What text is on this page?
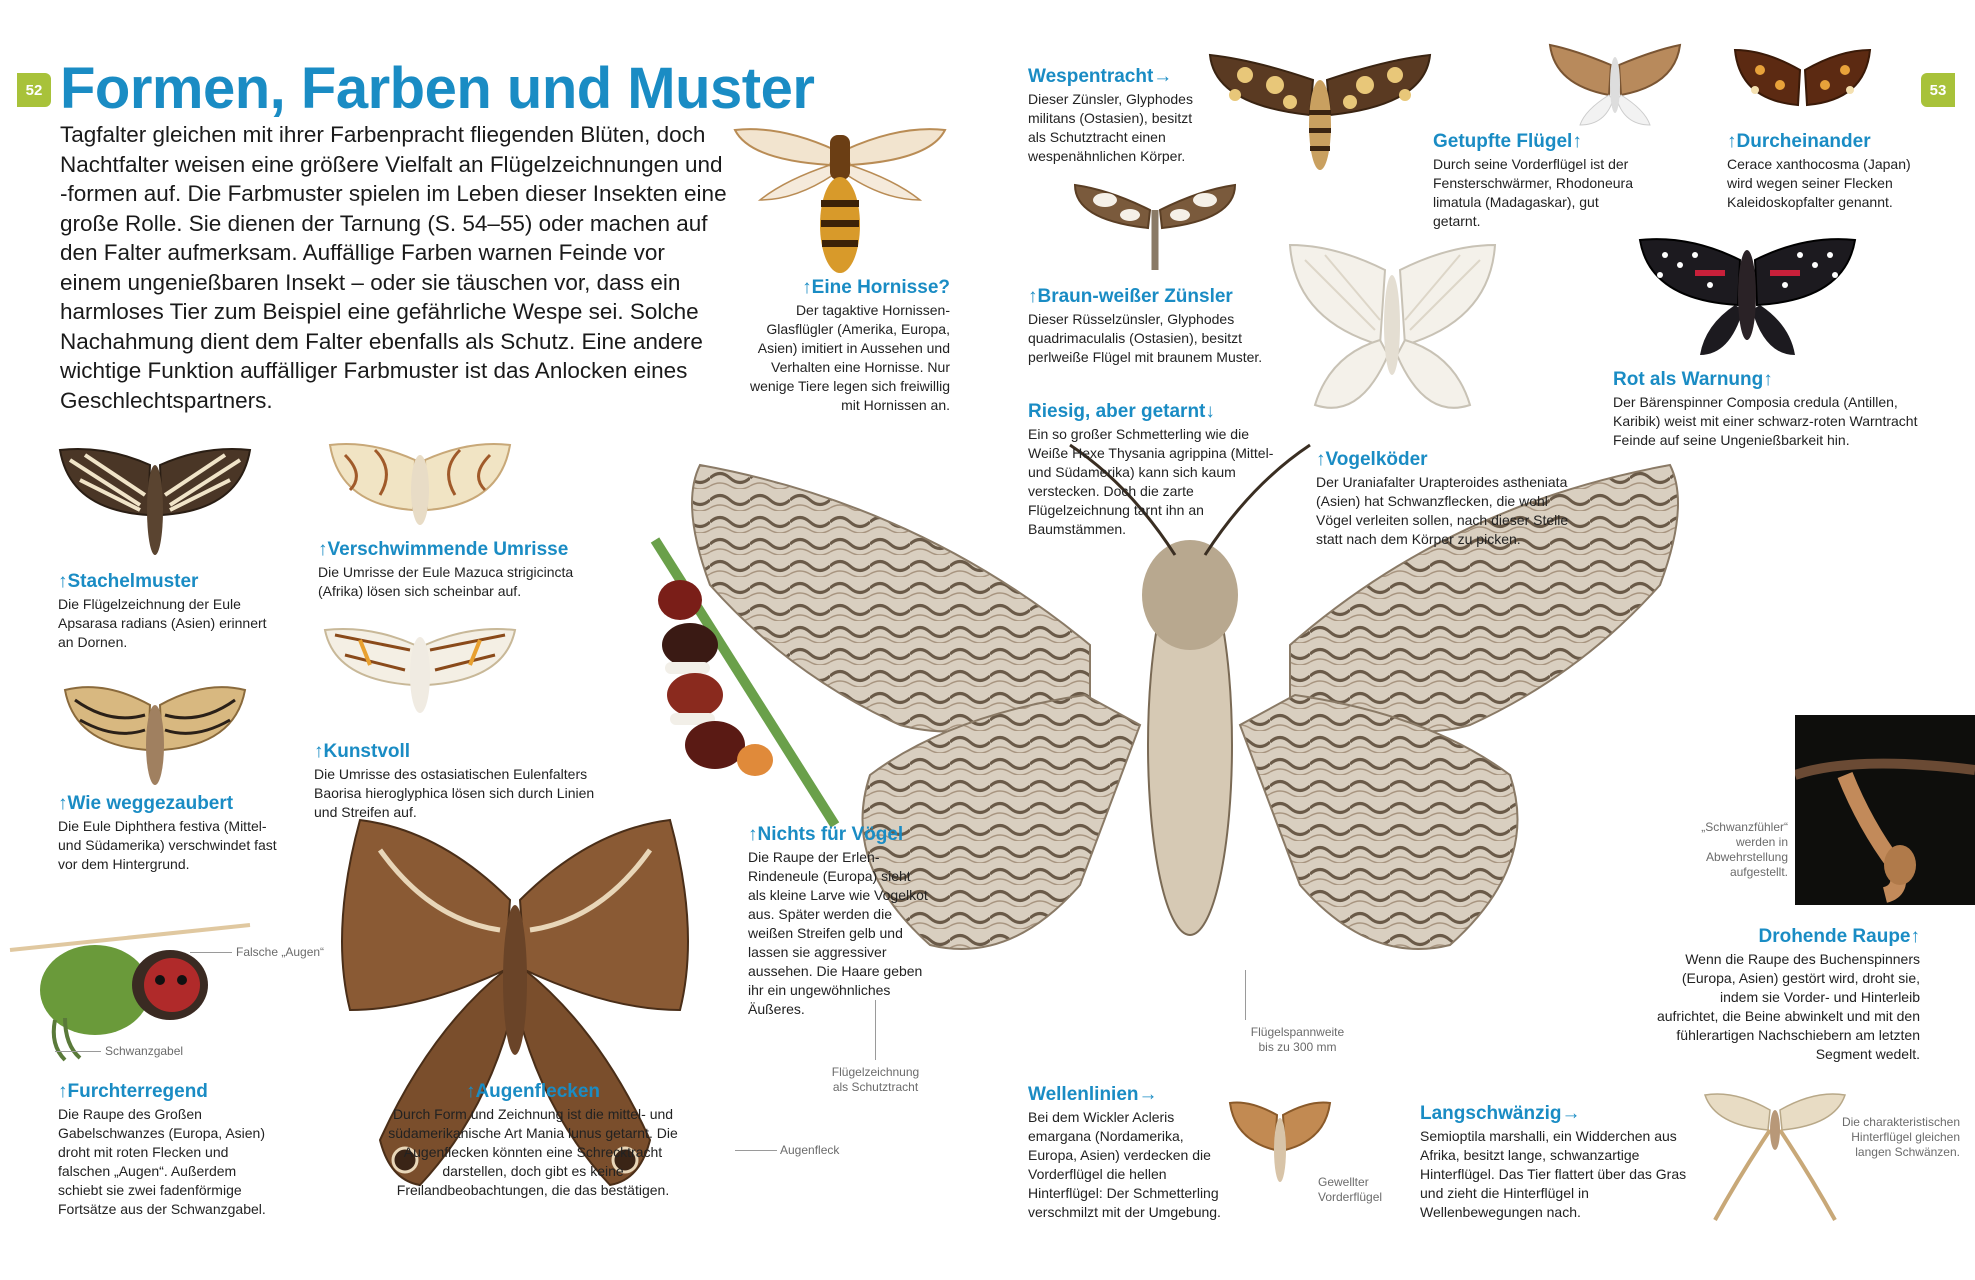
52	53
Formen, Farben und Muster
Tagfalter gleichen mit ihrer Farbenpracht fliegenden Blüten, doch Nachtfalter weisen eine größere Vielfalt an Flügelzeichnungen und -formen auf. Die Farbmuster spielen im Leben dieser Insekten eine große Rolle. Sie dienen der Tarnung (S. 54–55) oder machen auf den Falter aufmerksam. Auffällige Farben warnen Feinde vor einem ungenießbaren Insekt – oder sie täuschen vor, dass ein harmloses Tier zum Beispiel eine gefährliche Wespe sei. Solche Nachahmung dient dem Falter ebenfalls als Schutz. Eine andere wichtige Funktion auffälliger Farbmuster ist das Anlocken eines Geschlechtspartners.
Falsche „Augen“
Schwanzgabel
Augenfleck
Flügelzeichnung als Schutztracht
Flügelspannweite bis zu 300 mm
„Schwanzfühler“ werden in Abwehrstellung aufgestellt.
Gewellter Vorderflügel
Die charakteristischen Hinterflügel gleichen langen Schwänzen.
↑Stachelmuster
Die Flügelzeichnung der Eule Apsarasa radians (Asien) erinnert an Dornen.
↑Verschwimmende Umrisse
Die Umrisse der Eule Mazuca strigicincta (Afrika) lösen sich scheinbar auf.
↑Wie weggezaubert
Die Eule Diphthera festiva (Mittel- und Südamerika) verschwindet fast vor dem Hintergrund.
↑Kunstvoll
Die Umrisse des ostasiatischen Eulenfalters Baorisa hieroglyphica lösen sich durch Linien und Streifen auf.
↑Eine Hornisse?
Der tagaktive Hornissen-Glasflügler (Amerika, Europa, Asien) imitiert in Aussehen und Verhalten eine Hornisse. Nur wenige Tiere legen sich freiwillig mit Hornissen an.
↑Furchterregend
Die Raupe des Großen Gabelschwanzes (Europa, Asien) droht mit roten Flecken und falschen „Augen“. Außerdem schiebt sie zwei fadenförmige Fortsätze aus der Schwanzgabel.
↑Augenflecken
Durch Form und Zeichnung ist die mittel- und südamerikanische Art Mania lunus getarnt. Die Augenflecken könnten eine Schrecktracht darstellen, doch gibt es keine Freilandbeobachtungen, die das bestätigen.
↑Nichts für Vögel
Die Raupe der Erlen-Rindeneule (Europa) sieht als kleine Larve wie Vogelkot aus. Später werden die weißen Streifen gelb und lassen sie aggressiver aussehen. Die Haare geben ihr ein ungewöhnliches Äußeres.
Wespentracht→
Dieser Zünsler, Glyphodes militans (Ostasien), besitzt als Schutztracht einen wespenähnlichen Körper.
↑Braun-weißer Zünsler
Dieser Rüsselzünsler, Glyphodes quadrimaculalis (Ostasien), besitzt perlweiße Flügel mit braunem Muster.
Riesig, aber getarnt↓
Ein so großer Schmetterling wie die Weiße Hexe Thysania agrippina (Mittel- und Südamerika) kann sich kaum verstecken. Doch die zarte Flügelzeichnung tarnt ihn an Baumstämmen.
Getupfte Flügel↑
Durch seine Vorderflügel ist der Fensterschwärmer, Rhodoneura limatula (Madagaskar), gut getarnt.
↑Durcheinander
Cerace xanthocosma (Japan) wird wegen seiner Flecken Kaleidoskopfalter genannt.
↑Vogelköder
Der Uraniafalter Urapteroides astheniata (Asien) hat Schwanzflecken, die wohl Vögel verleiten sollen, nach dieser Stelle statt nach dem Körper zu picken.
Rot als Warnung↑
Der Bärenspinner Composia credula (Antillen, Karibik) weist mit einer schwarz-roten Warntracht Feinde auf seine Ungenießbarkeit hin.
Drohende Raupe↑
Wenn die Raupe des Buchenspinners (Europa, Asien) gestört wird, droht sie, indem sie Vorder- und Hinterleib aufrichtet, die Beine abwinkelt und mit den fühlerartigen Nachschiebern am letzten Segment wedelt.
Wellenlinien→
Bei dem Wickler Acleris emargana (Nordamerika, Europa, Asien) verdecken die Vorderflügel die hellen Hinterflügel: Der Schmetterling verschmilzt mit der Umgebung.
Langschwänzig→
Semioptila marshalli, ein Widderchen aus Afrika, besitzt lange, schwanzartige Hinterflügel. Das Tier flattert über das Gras und zieht die Hinterflügel in Wellenbewegungen nach.
